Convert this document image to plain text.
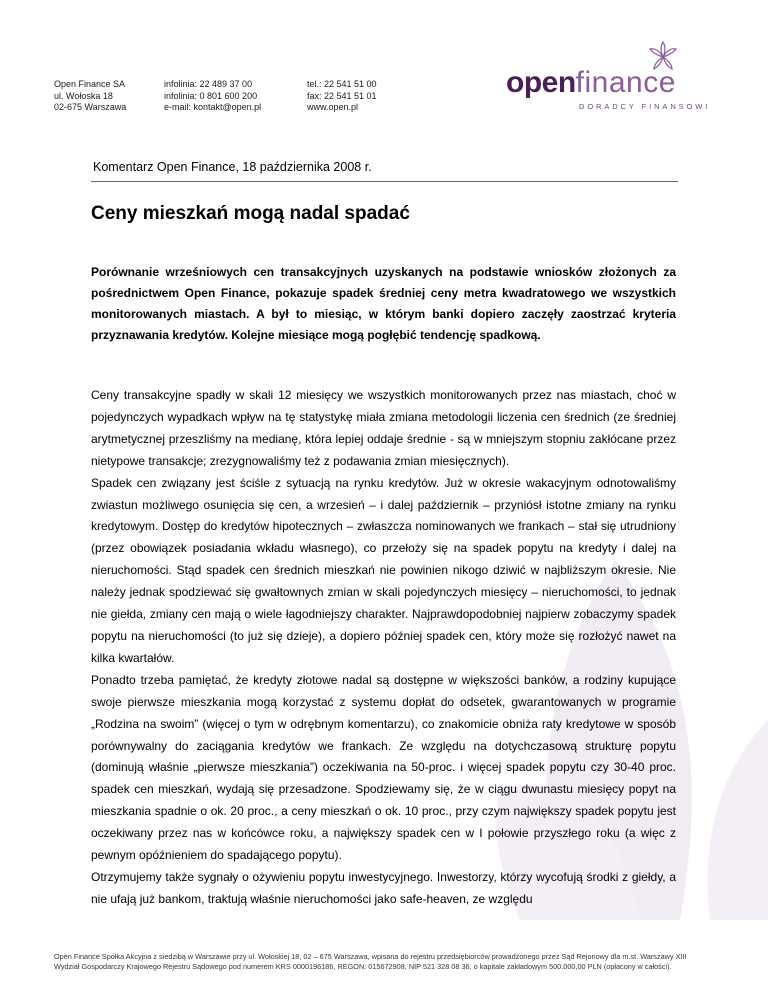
Open Finance SA
ul. Wołoska 18
02-675 Warszawa
infolinia: 22 489 37 00
infolinia: 0 801 600 200
e-mail: kontakt@open.pl
tel.: 22 541 51 00
fax: 22 541 51 01
www.open.pl
openfinance
DORADCY FINANSOWI
Komentarz Open Finance, 18 października 2008 r.
Ceny mieszkań mogą nadal spadać

Porównanie wrześniowych cen transakcyjnych uzyskanych na podstawie wniosków złożonych za pośrednictwem Open Finance, pokazuje spadek średniej ceny metra kwadratowego we wszystkich monitorowanych miastach. A był to miesiąc, w którym banki dopiero zaczęły zaostrzać kryteria przyznawania kredytów. Kolejne miesiące mogą pogłębić tendencję spadkową.

Ceny transakcyjne spadły w skali 12 miesięcy we wszystkich monitorowanych przez nas miastach, choć w pojedynczych wypadkach wpływ na tę statystykę miała zmiana metodologii liczenia cen średnich (ze średniej arytmetycznej przeszliśmy na medianę, która lepiej oddaje średnie - są w mniejszym stopniu zakłócane przez nietypowe transakcje; zrezygnowaliśmy też z podawania zmian miesięcznych).

Spadek cen związany jest ściśle z sytuacją na rynku kredytów. Już w okresie wakacyjnym odnotowaliśmy zwiastun możliwego osunięcia się cen, a wrzesień – i dalej październik – przyniósł istotne zmiany na rynku kredytowym. Dostęp do kredytów hipotecznych – zwłaszcza nominowanych we frankach – stał się utrudniony (przez obowiązek posiadania wkładu własnego), co przełoży się na spadek popytu na kredyty i dalej na nieruchomości. Stąd spadek cen średnich mieszkań nie powinien nikogo dziwić w najbliższym okresie. Nie należy jednak spodziewać się gwałtownych zmian w skali pojedynczych miesięcy – nieruchomości, to jednak nie giełda, zmiany cen mają o wiele łagodniejszy charakter. Najprawdopodobniej najpierw zobaczymy spadek popytu na nieruchomości (to już się dzieje), a dopiero później spadek cen, który może się rozłożyć nawet na kilka kwartałów.

Ponadto trzeba pamiętać, że kredyty złotowe nadal są dostępne w większości banków, a rodziny kupujące swoje pierwsze mieszkania mogą korzystać z systemu dopłat do odsetek, gwarantowanych w programie „Rodzina na swoim” (więcej o tym w odrębnym komentarzu), co znakomicie obniża raty kredytowe w sposób porównywalny do zaciągania kredytów we frankach. Ze względu na dotychczasową strukturę popytu (dominują właśnie „pierwsze mieszkania”) oczekiwania na 50-proc. i więcej spadek popytu czy 30-40 proc. spadek cen mieszkań, wydają się przesadzone. Spodziewamy się, że w ciągu dwunastu miesięcy popyt na mieszkania spadnie o ok. 20 proc., a ceny mieszkań o ok. 10 proc., przy czym największy spadek popytu jest oczekiwany przez nas w końcówce roku, a największy spadek cen w I połowie przyszłego roku (a więc z pewnym opóźnieniem do spadającego popytu).

Otrzymujemy także sygnały o ożywieniu popytu inwestycyjnego. Inwestorzy, którzy wycofują środki z giełdy, a nie ufają już bankom, traktują właśnie nieruchomości jako safe-heaven, ze względu

Open Finance Spółka Akcyjna z siedzibą w Warszawie przy ul. Wołoskiej 18, 02 – 675 Warszawa, wpisana do rejestru przedsiębiorców prowadzonego przez Sąd Rejonowy dla m.st. Warszawy XIII
Wydział Gospodarczy Krajowego Rejestru Sądowego pod numerem KRS 0000196186, REGON: 015672908, NIP 521 328 08 36, o kapitale zakładowym 500.000,00 PLN (opłacony w całości).
